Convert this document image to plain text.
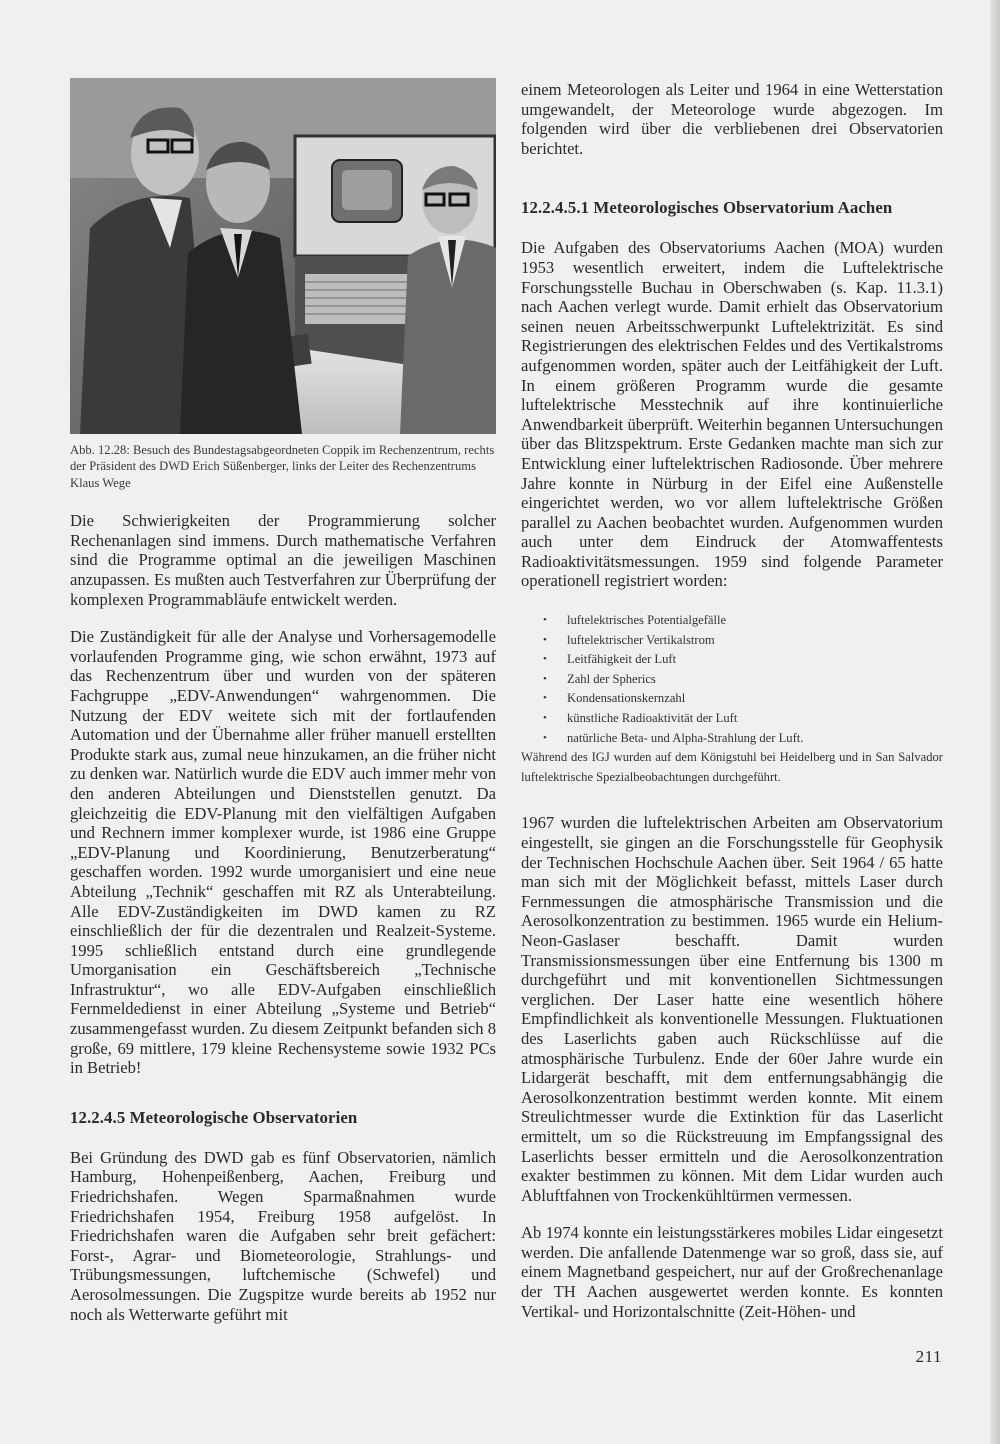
Abb. 12.28: Besuch des Bundestagsabgeordneten Coppik im Rechenzentrum, rechts der Präsident des DWD Erich Süßenberger, links der Leiter des Rechenzentrums Klaus Wege

Die Schwierigkeiten der Programmierung solcher Rechenanlagen sind immens. Durch mathematische Verfahren sind die Programme optimal an die jeweiligen Maschinen anzupassen. Es mußten auch Testverfahren zur Überprüfung der komplexen Programmabläufe entwickelt werden.

Die Zuständigkeit für alle der Analyse und Vorhersagemodelle vorlaufenden Programme ging, wie schon erwähnt, 1973 auf das Rechenzentrum über und wurden von der späteren Fachgruppe „EDV-Anwendungen“ wahrgenommen. Die Nutzung der EDV weitete sich mit der fortlaufenden Automation und der Übernahme aller früher manuell erstellten Produkte stark aus, zumal neue hinzukamen, an die früher nicht zu denken war. Natürlich wurde die EDV auch immer mehr von den anderen Abteilungen und Dienststellen genutzt. Da gleichzeitig die EDV-Planung mit den vielfältigen Aufgaben und Rechnern immer komplexer wurde, ist 1986 eine Gruppe „EDV-Planung und Koordinierung, Benutzerberatung“ geschaffen worden. 1992 wurde umorganisiert und eine neue Abteilung „Technik“ geschaffen mit RZ als Unterabteilung. Alle EDV-Zuständigkeiten im DWD kamen zu RZ einschließlich der für die dezentralen und Realzeit-Systeme. 1995 schließlich entstand durch eine grundlegende Umorganisation ein Geschäftsbereich „Technische Infrastruktur“, wo alle EDV-Aufgaben einschließlich Fernmeldedienst in einer Abteilung „Systeme und Betrieb“ zusammengefasst wurden. Zu diesem Zeitpunkt befanden sich 8 große, 69 mittlere, 179 kleine Rechensysteme sowie 1932 PCs in Betrieb!

12.2.4.5 Meteorologische Observatorien

Bei Gründung des DWD gab es fünf Observatorien, nämlich Hamburg, Hohenpeißenberg, Aachen, Freiburg und Friedrichshafen. Wegen Sparmaßnahmen wurde Friedrichshafen 1954, Freiburg 1958 aufgelöst. In Friedrichshafen waren die Aufgaben sehr breit gefächert: Forst-, Agrar- und Biometeorologie, Strahlungs- und Trübungsmessungen, luftchemische (Schwefel) und Aerosolmessungen. Die Zugspitze wurde bereits ab 1952 nur noch als Wetterwarte geführt mit

einem Meteorologen als Leiter und 1964 in eine Wetterstation umgewandelt, der Meteorologe wurde abgezogen. Im folgenden wird über die verbliebenen drei Observatorien berichtet.

12.2.4.5.1 Meteorologisches Observatorium Aachen

Die Aufgaben des Observatoriums Aachen (MOA) wurden 1953 wesentlich erweitert, indem die Luftelektrische Forschungsstelle Buchau in Oberschwaben (s. Kap. 11.3.1) nach Aachen verlegt wurde. Damit erhielt das Observatorium seinen neuen Arbeitsschwerpunkt Luftelektrizität. Es sind Registrierungen des elektrischen Feldes und des Vertikalstroms aufgenommen worden, später auch der Leitfähigkeit der Luft. In einem größeren Programm wurde die gesamte luftelektrische Messtechnik auf ihre kontinuierliche Anwendbarkeit überprüft. Weiterhin begannen Untersuchungen über das Blitzspektrum. Erste Gedanken machte man sich zur Entwicklung einer luftelektrischen Radiosonde. Über mehrere Jahre konnte in Nürburg in der Eifel eine Außenstelle eingerichtet werden, wo vor allem luftelektrische Größen parallel zu Aachen beobachtet wurden. Aufgenommen wurden auch unter dem Eindruck der Atomwaffentests Radioaktivitätsmessungen. 1959 sind folgende Parameter operationell registriert worden:

• luftelektrisches Potentialgefälle
• luftelektrischer Vertikalstrom
• Leitfähigkeit der Luft
• Zahl der Spherics
• Kondensationskernzahl
• künstliche Radioaktivität der Luft
• natürliche Beta- und Alpha-Strahlung der Luft.

Während des IGJ wurden auf dem Königstuhl bei Heidelberg und in San Salvador luftelektrische Spezialbeobachtungen durchgeführt.

1967 wurden die luftelektrischen Arbeiten am Observatorium eingestellt, sie gingen an die Forschungsstelle für Geophysik der Technischen Hochschule Aachen über. Seit 1964 / 65 hatte man sich mit der Möglichkeit befasst, mittels Laser durch Fernmessungen die atmosphärische Transmission und die Aerosolkonzentration zu bestimmen. 1965 wurde ein Helium-Neon-Gaslaser beschafft. Damit wurden Transmissionsmessungen über eine Entfernung bis 1300 m durchgeführt und mit konventionellen Sichtmessungen verglichen. Der Laser hatte eine wesentlich höhere Empfindlichkeit als konventionelle Messungen. Fluktuationen des Laserlichts gaben auch Rückschlüsse auf die atmosphärische Turbulenz. Ende der 60er Jahre wurde ein Lidargerät beschafft, mit dem entfernungsabhängig die Aerosolkonzentration bestimmt werden konnte. Mit einem Streulichtmesser wurde die Extinktion für das Laserlicht ermittelt, um so die Rückstreuung im Empfangssignal des Laserlichts besser ermitteln und die Aerosolkonzentration exakter bestimmen zu können. Mit dem Lidar wurden auch Abluftfahnen von Trockenkühltürmen vermessen.

Ab 1974 konnte ein leistungsstärkeres mobiles Lidar eingesetzt werden. Die anfallende Datenmenge war so groß, dass sie, auf einem Magnetband gespeichert, nur auf der Großrechenanlage der TH Aachen ausgewertet werden konnte. Es konnten Vertikal- und Horizontalschnitte (Zeit-Höhen- und

211
